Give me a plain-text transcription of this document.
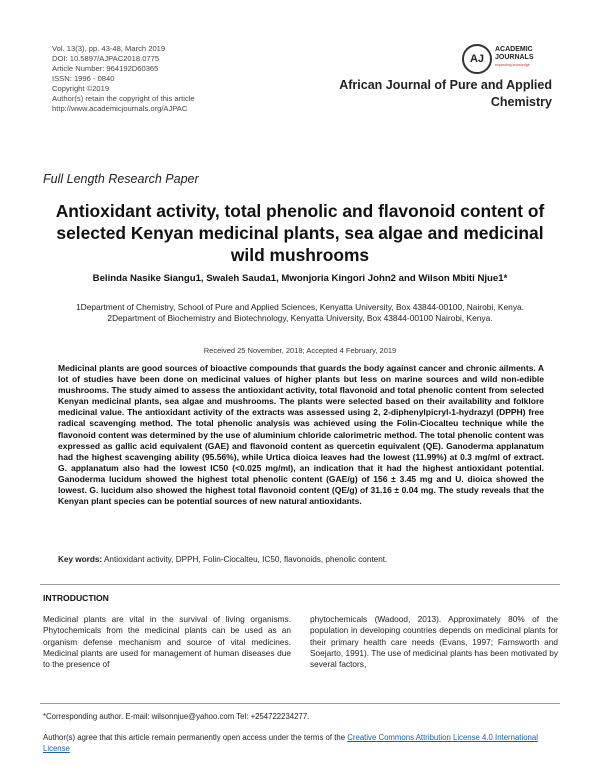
Vol. 13(3), pp. 43-48, March 2019
DOI: 10.5897/AJPAC2018.0775
Article Number: 964192D60365
ISSN: 1996 - 0840
Copyright ©2019
Author(s) retain the copyright of this article
http://www.academicjournals.org/AJPAC
AJ
ACADEMIC
JOURNALS
expanding knowledge
African Journal of Pure and Applied Chemistry
Full Length Research Paper
Antioxidant activity, total phenolic and flavonoid content of selected Kenyan medicinal plants, sea algae and medicinal wild mushrooms
Belinda Nasike Siangu1, Swaleh Sauda1, Mwonjoria Kingori John2 and Wilson Mbiti Njue1*
1Department of Chemistry, School of Pure and Applied Sciences, Kenyatta University, Box 43844-00100, Nairobi, Kenya.
2Department of Biochemistry and Biotechnology, Kenyatta University, Box 43844-00100 Nairobi, Kenya.
Received 25 November, 2018; Accepted 4 February, 2019
Medicinal plants are good sources of bioactive compounds that guards the body against cancer and chronic ailments. A lot of studies have been done on medicinal values of higher plants but less on marine sources and wild non-edible mushrooms. The study aimed to assess the antioxidant activity, total flavonoid and total phenolic content from selected Kenyan medicinal plants, sea algae and mushrooms. The plants were selected based on their availability and folklore medicinal value. The antioxidant activity of the extracts was assessed using 2, 2-diphenylpicryl-1-hydrazyl (DPPH) free radical scavenging method. The total phenolic analysis was achieved using the Folin-Ciocalteu technique while the flavonoid content was determined by the use of aluminium chloride calorimetric method. The total phenolic content was expressed as gallic acid equivalent (GAE) and flavonoid content as quercetin equivalent (QE). Ganoderma applanatum had the highest scavenging ability (95.56%), while Urtica dioica leaves had the lowest (11.99%) at 0.3 mg/ml of extract. G. applanatum also had the lowest IC50 (<0.025 mg/ml), an indication that it had the highest antioxidant potential. Ganoderma lucidum showed the highest total phenolic content (GAE/g) of 156 ± 3.45 mg and U. dioica showed the lowest. G. lucidum also showed the highest total flavonoid content (QE/g) of 31.16 ± 0.04 mg. The study reveals that the Kenyan plant species can be potential sources of new natural antioxidants.
Key words: Antioxidant activity, DPPH, Folin-Ciocalteu, IC50, flavonoids, phenolic content.
INTRODUCTION
Medicinal plants are vital in the survival of living organisms. Phytochemicals from the medicinal plants can be used as an organism defense mechanism and source of vital medicines. Medicinal plants are used for management of human diseases due to the presence of
phytochemicals (Wadood, 2013). Approximately 80% of the population in developing countries depends on medicinal plants for their primary health care needs (Evans, 1997; Farnsworth and Soejarto, 1991). The use of medicinal plants has been motivated by several factors,
*Corresponding author. E-mail: wilsonnjue@yahoo.com Tel: +254722234277.
Author(s) agree that this article remain permanently open access under the terms of the Creative Commons Attribution License 4.0 International License
